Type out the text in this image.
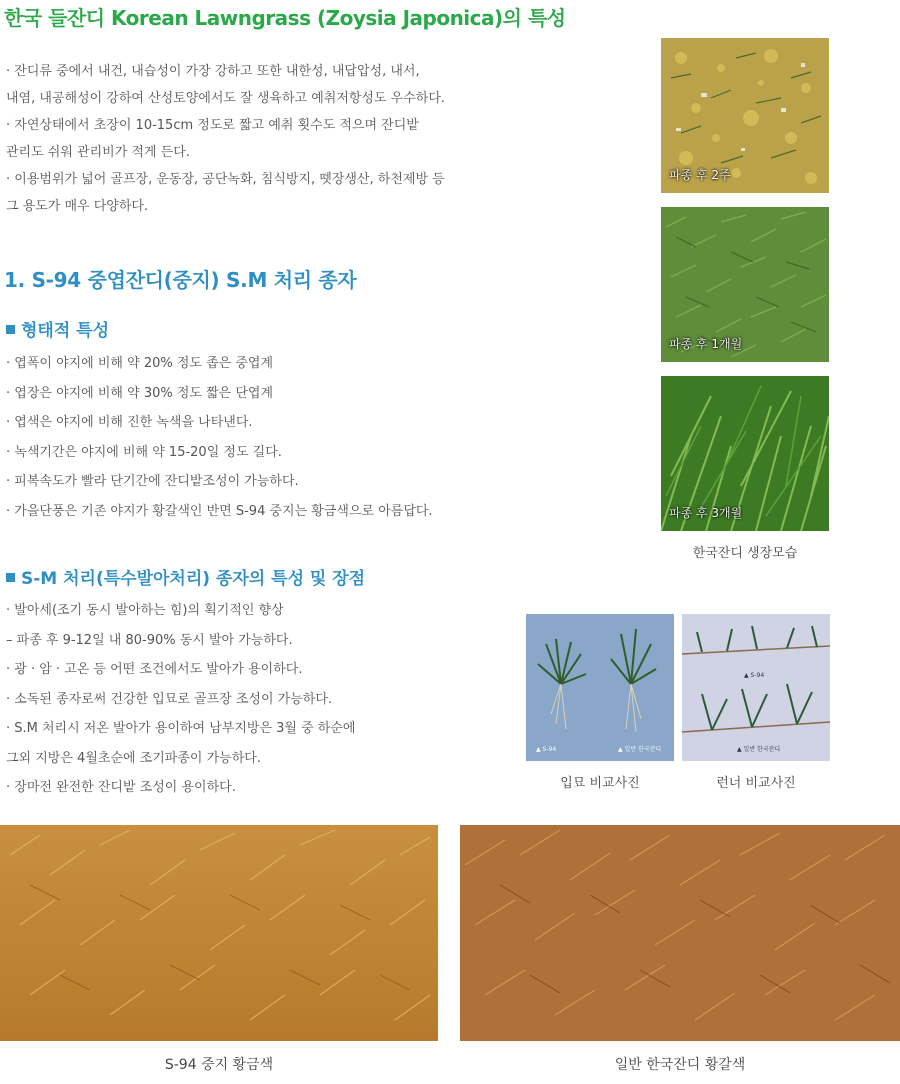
한국 들잔디 Korean Lawngrass (Zoysia Japonica)의 특성
· 잔디류 중에서 내건, 내습성이 가장 강하고 또한 내한성, 내답압성, 내서,
내염, 내공해성이 강하여 산성토양에서도 잘 생육하고 예취저항성도 우수하다.
· 자연상태에서 초장이 10-15cm 정도로 짧고 예취 횟수도 적으며 잔디밭
관리도 쉬워 관리비가 적게 든다.
· 이용범위가 넓어 골프장, 운동장, 공단녹화, 침식방지, 뗏장생산, 하천제방 등
그 용도가 매우 다양하다.
1. S-94 중엽잔디(중지) S.M 처리 종자
형태적 특성
· 엽폭이 야지에 비해 약 20% 정도 좁은 중엽계
· 엽장은 야지에 비해 약 30% 정도 짧은 단엽계
· 엽색은 야지에 비해 진한 녹색을 나타낸다.
· 녹색기간은 야지에 비해 약 15-20일 정도 길다.
· 피복속도가 빨라 단기간에 잔디밭조성이 가능하다.
· 가을단풍은 기존 야지가 황갈색인 반면 S-94 중지는 황금색으로 아름답다.
S-M 처리(특수발아처리) 종자의 특성 및 장점
· 발아세(조기 동시 발아하는 힘)의 획기적인 향상
– 파종 후 9-12일 내 80-90% 동시 발아 가능하다.
· 광 · 암 · 고온 등 어떤 조건에서도 발아가 용이하다.
· 소독된 종자로써 건강한 입묘로 골프장 조성이 가능하다.
· S.M 처리시 저온 발아가 용이하여 남부지방은 3월 중 하순에
그외 지방은 4월초순에 조기파종이 가능하다.
· 장마전 완전한 잔디밭 조성이 용이하다.
파종 후 2주
파종 후 1개월
파종 후 3개월
한국잔디 생장모습
▲ S-94	▲ 일반 한국잔디
▲ S-94
▲ 일반 한국잔디
입묘 비교사진	런너 비교사진
S-94 중지 황금색	일반 한국잔디 황갈색
